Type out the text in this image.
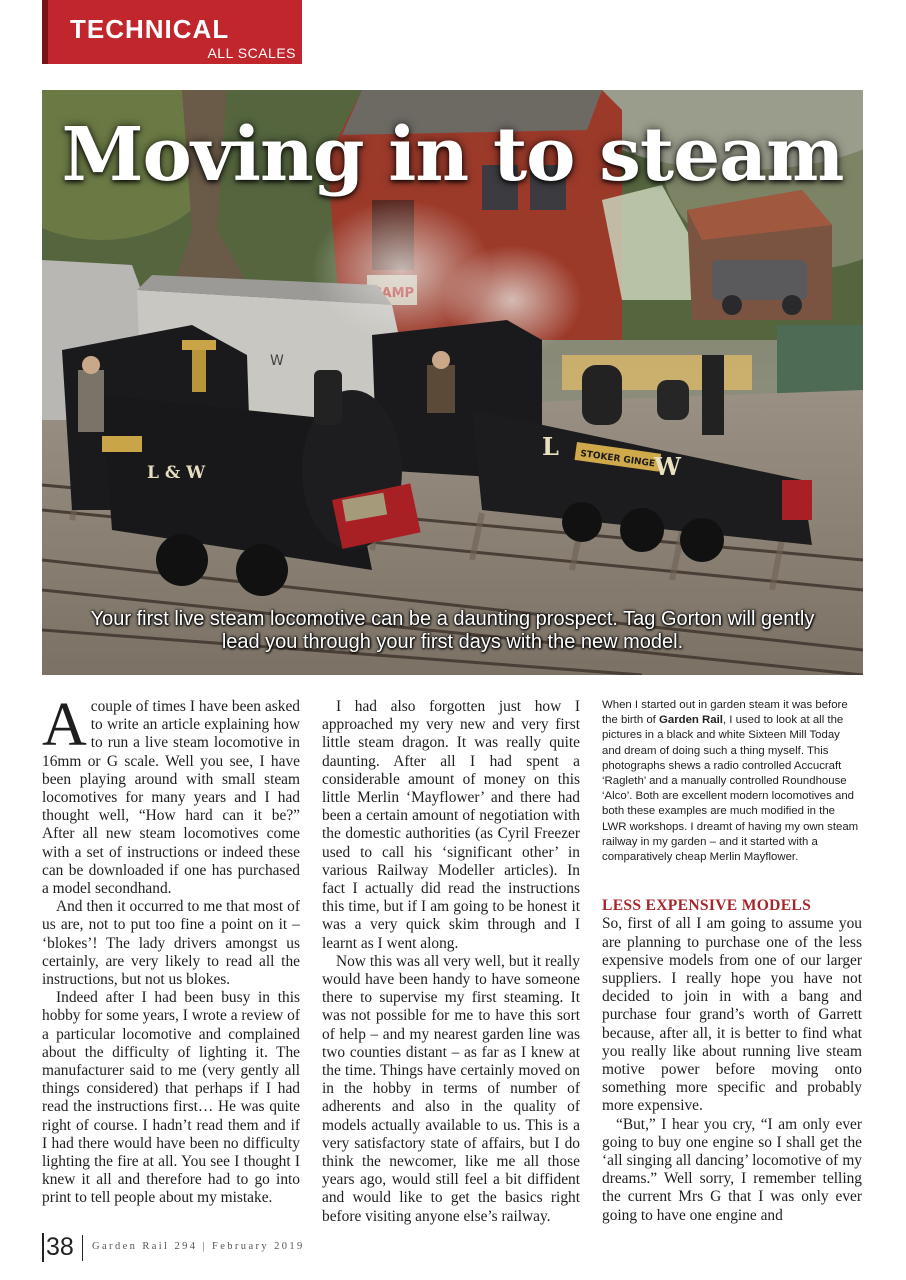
TECHNICAL
ALL SCALES
W
STOKER GINGE
L
W
L & W
Moving in to steam
Your first live steam locomotive can be a daunting prospect. Tag Gorton will gently lead you through your first days with the new model.

Acouple of times I have been asked to write an article explaining how to run a live steam locomotive in 16mm or G scale. Well you see, I have been playing around with small steam locomotives for many years and I had thought well, “How hard can it be?” After all new steam locomotives come with a set of instructions or indeed these can be downloaded if one has purchased a model secondhand.

And then it occurred to me that most of us are, not to put too fine a point on it – ‘blokes’! The lady drivers amongst us certainly, are very likely to read all the instructions, but not us blokes.

Indeed after I had been busy in this hobby for some years, I wrote a review of a particular locomotive and complained about the difficulty of lighting it. The manufacturer said to me (very gently all things considered) that perhaps if I had read the instructions first… He was quite right of course. I hadn’t read them and if I had there would have been no difficulty lighting the fire at all. You see I thought I knew it all and therefore had to go into print to tell people about my mistake.

I had also forgotten just how I approached my very new and very first little steam dragon. It was really quite daunting. After all I had spent a considerable amount of money on this little Merlin ‘Mayflower’ and there had been a certain amount of negotiation with the domestic authorities (as Cyril Freezer used to call his ‘significant other’ in various Railway Modeller articles). In fact I actually did read the instructions this time, but if I am going to be honest it was a very quick skim through and I learnt as I went along.

Now this was all very well, but it really would have been handy to have someone there to supervise my first steaming. It was not possible for me to have this sort of help – and my nearest garden line was two counties distant – as far as I knew at the time. Things have certainly moved on in the hobby in terms of number of adherents and also in the quality of models actually available to us. This is a very satisfactory state of affairs, but I do think the newcomer, like me all those years ago, would still feel a bit diffident and would like to get the basics right before visiting anyone else’s railway.

When I started out in garden steam it was before the birth of Garden Rail, I used to look at all the pictures in a black and white Sixteen Mill Today and dream of doing such a thing myself. This photographs shews a radio controlled Accucraft ‘Ragleth’ and a manually controlled Roundhouse ‘Alco’. Both are excellent modern locomotives and both these examples are much modified in the LWR workshops. I dreamt of having my own steam railway in my garden – and it started with a comparatively cheap Merlin Mayflower.
LESS EXPENSIVE MODELS

So, first of all I am going to assume you are planning to purchase one of the less expensive models from one of our larger suppliers. I really hope you have not decided to join in with a bang and purchase four grand’s worth of Garrett because, after all, it is better to find what you really like about running live steam motive power before moving onto something more specific and probably more expensive.

“But,” I hear you cry, “I am only ever going to buy one engine so I shall get the ‘all singing all dancing’ locomotive of my dreams.” Well sorry, I remember telling the current Mrs G that I was only ever going to have one engine and

38 Garden Rail 294 | February 2019
